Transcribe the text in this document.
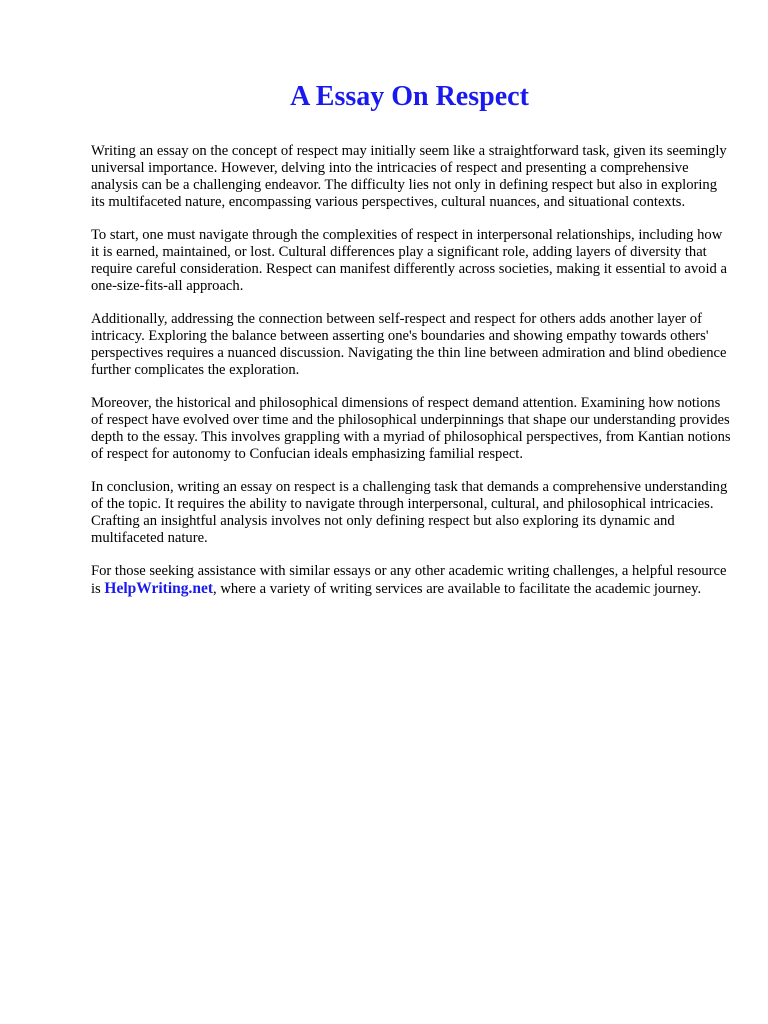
A Essay On Respect

Writing an essay on the concept of respect may initially seem like a straightforward task, given its seemingly universal importance. However, delving into the intricacies of respect and presenting a comprehensive analysis can be a challenging endeavor. The difficulty lies not only in defining respect but also in exploring its multifaceted nature, encompassing various perspectives, cultural nuances, and situational contexts.

To start, one must navigate through the complexities of respect in interpersonal relationships, including how it is earned, maintained, or lost. Cultural differences play a significant role, adding layers of diversity that require careful consideration. Respect can manifest differently across societies, making it essential to avoid a one-size-fits-all approach.

Additionally, addressing the connection between self-respect and respect for others adds another layer of intricacy. Exploring the balance between asserting one's boundaries and showing empathy towards others' perspectives requires a nuanced discussion. Navigating the thin line between admiration and blind obedience further complicates the exploration.

Moreover, the historical and philosophical dimensions of respect demand attention. Examining how notions of respect have evolved over time and the philosophical underpinnings that shape our understanding provides depth to the essay. This involves grappling with a myriad of philosophical perspectives, from Kantian notions of respect for autonomy to Confucian ideals emphasizing familial respect.

In conclusion, writing an essay on respect is a challenging task that demands a comprehensive understanding of the topic. It requires the ability to navigate through interpersonal, cultural, and philosophical intricacies. Crafting an insightful analysis involves not only defining respect but also exploring its dynamic and multifaceted nature.

For those seeking assistance with similar essays or any other academic writing challenges, a helpful resource is HelpWriting.net, where a variety of writing services are available to facilitate the academic journey.
